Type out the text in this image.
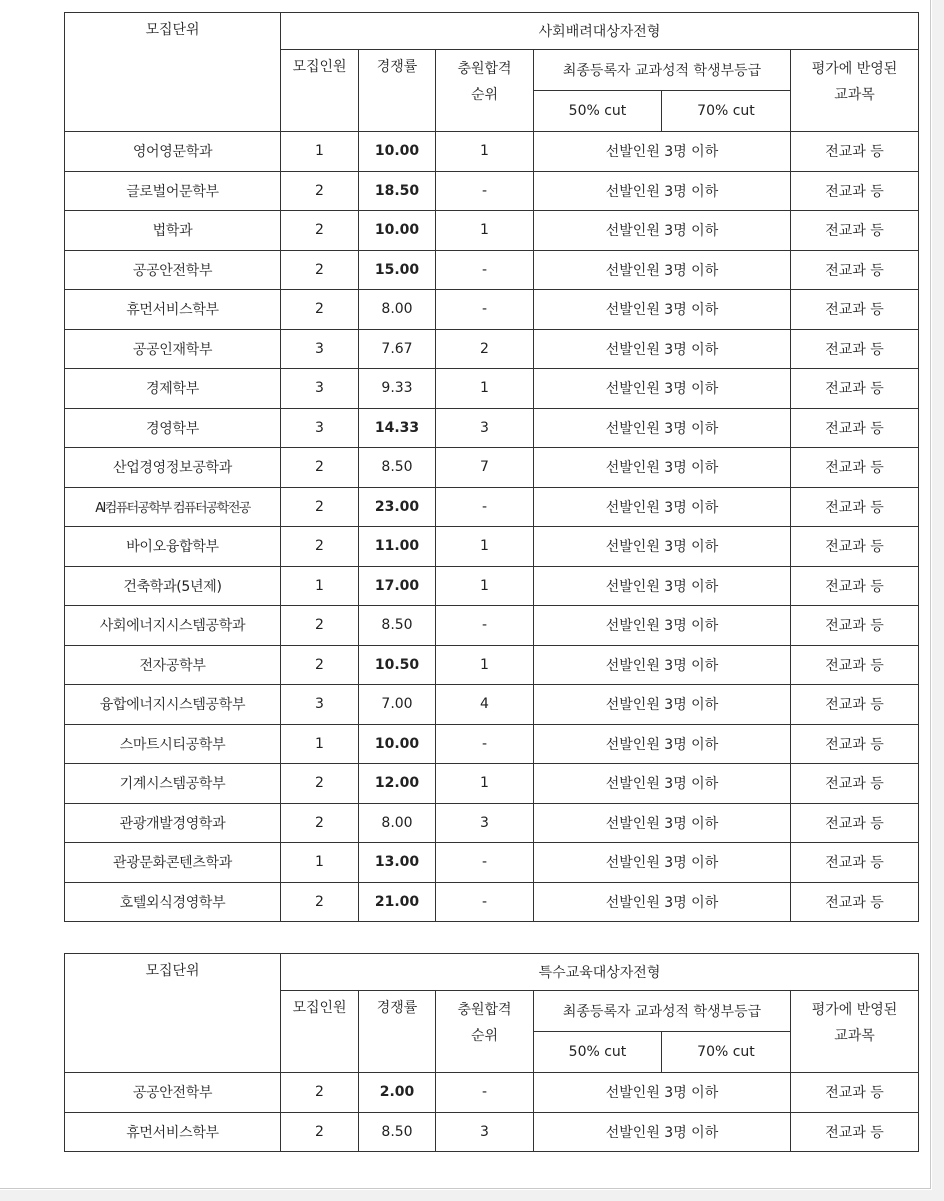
모집단위	사회배려대상자전형					
	모집인원	경쟁률	충원합격
순위	최종등록자 교과성적 학생부등급		평가에 반영된
교과목
				50% cut	70% cut	
영어영문학과	1	10.00	1	선발인원 3명 이하		전교과 등
글로벌어문학부	2	18.50	-	선발인원 3명 이하		전교과 등
법학과	2	10.00	1	선발인원 3명 이하		전교과 등
공공안전학부	2	15.00	-	선발인원 3명 이하		전교과 등
휴먼서비스학부	2	8.00	-	선발인원 3명 이하		전교과 등
공공인재학부	3	7.67	2	선발인원 3명 이하		전교과 등
경제학부	3	9.33	1	선발인원 3명 이하		전교과 등
경영학부	3	14.33	3	선발인원 3명 이하		전교과 등
산업경영정보공학과	2	8.50	7	선발인원 3명 이하		전교과 등
AI컴퓨터공학부 컴퓨터공학전공	2	23.00	-	선발인원 3명 이하		전교과 등
바이오융합학부	2	11.00	1	선발인원 3명 이하		전교과 등
건축학과(5년제)	1	17.00	1	선발인원 3명 이하		전교과 등
사회에너지시스템공학과	2	8.50	-	선발인원 3명 이하		전교과 등
전자공학부	2	10.50	1	선발인원 3명 이하		전교과 등
융합에너지시스템공학부	3	7.00	4	선발인원 3명 이하		전교과 등
스마트시티공학부	1	10.00	-	선발인원 3명 이하		전교과 등
기계시스템공학부	2	12.00	1	선발인원 3명 이하		전교과 등
관광개발경영학과	2	8.00	3	선발인원 3명 이하		전교과 등
관광문화콘텐츠학과	1	13.00	-	선발인원 3명 이하		전교과 등
호텔외식경영학부	2	21.00	-	선발인원 3명 이하		전교과 등
모집단위	특수교육대상자전형					
	모집인원	경쟁률	충원합격
순위	최종등록자 교과성적 학생부등급		평가에 반영된
교과목
				50% cut	70% cut	
공공안전학부	2	2.00	-	선발인원 3명 이하		전교과 등
휴먼서비스학부	2	8.50	3	선발인원 3명 이하		전교과 등
